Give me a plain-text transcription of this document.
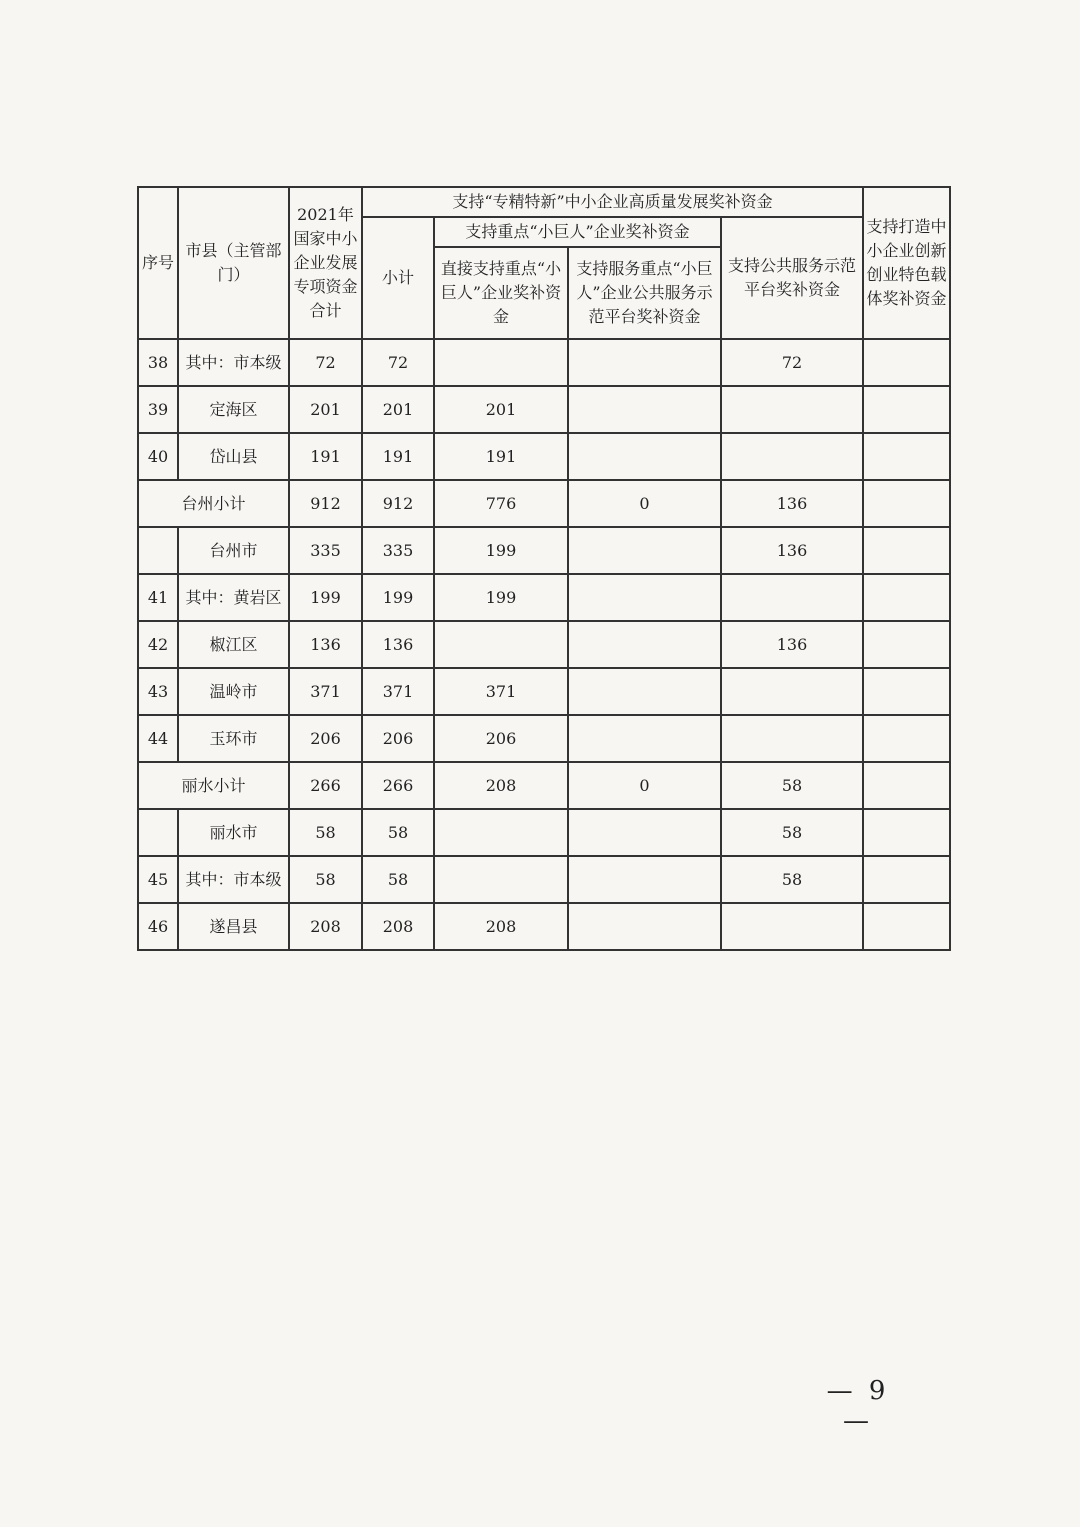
序号	市县（主管部门）	2021年国家中小企业发展专项资金合计	支持“专精特新”中小企业高质量发展奖补资金				支持打造中小企业创新创业特色载体奖补资金
			小计	支持重点“小巨人”企业奖补资金		支持公共服务示范平台奖补资金	
				直接支持重点“小巨人”企业奖补资金	支持服务重点“小巨人”企业公共服务示范平台奖补资金		
38	其中：市本级	72	72			72	
39	定海区	201	201	201			
40	岱山县	191	191	191			
台州小计		912	912	776	0	136	
	台州市	335	335	199		136	
41	其中：黄岩区	199	199	199			
42	椒江区	136	136			136	
43	温岭市	371	371	371			
44	玉环市	206	206	206			
丽水小计		266	266	208	0	58	
	丽水市	58	58			58	
45	其中：市本级	58	58			58	
46	遂昌县	208	208	208			
— 9 —
